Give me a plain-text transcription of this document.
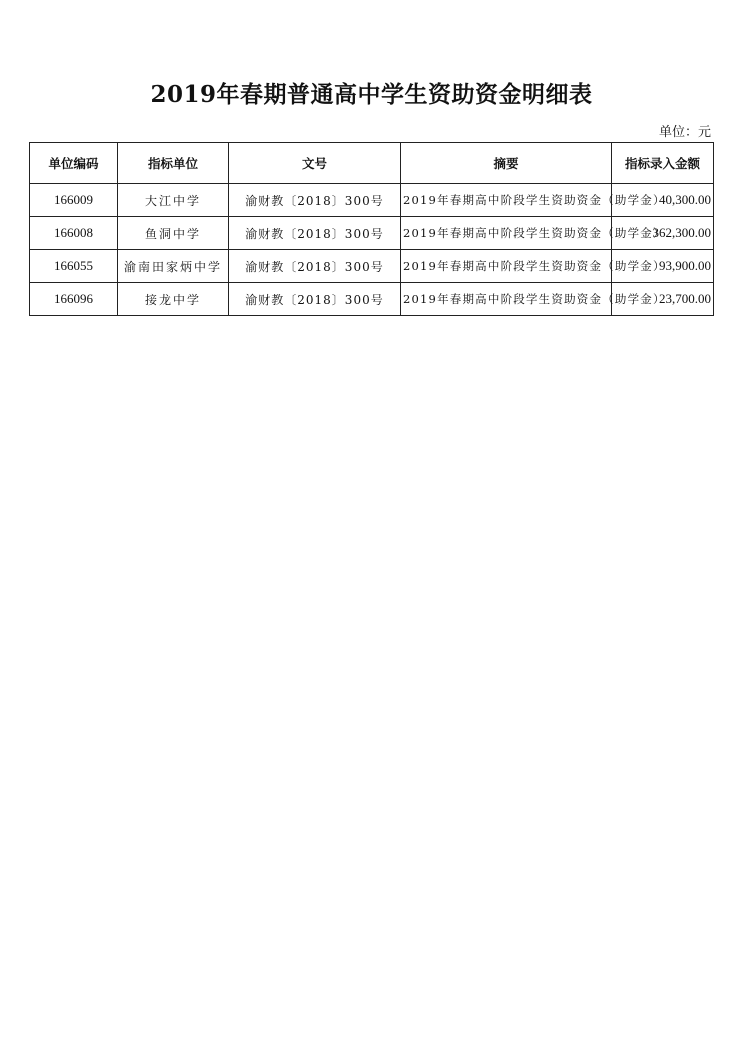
2019年春期普通高中学生资助资金明细表
单位：元
单位编码	指标单位	文号	摘要	指标录入金额
166009	大江中学	渝财教〔2018〕300号	2019年春期高中阶段学生资助资金（助学金）	40,300.00
166008	鱼洞中学	渝财教〔2018〕300号	2019年春期高中阶段学生资助资金（助学金）	362,300.00
166055	渝南田家炳中学	渝财教〔2018〕300号	2019年春期高中阶段学生资助资金（助学金）	93,900.00
166096	接龙中学	渝财教〔2018〕300号	2019年春期高中阶段学生资助资金（助学金）	23,700.00
